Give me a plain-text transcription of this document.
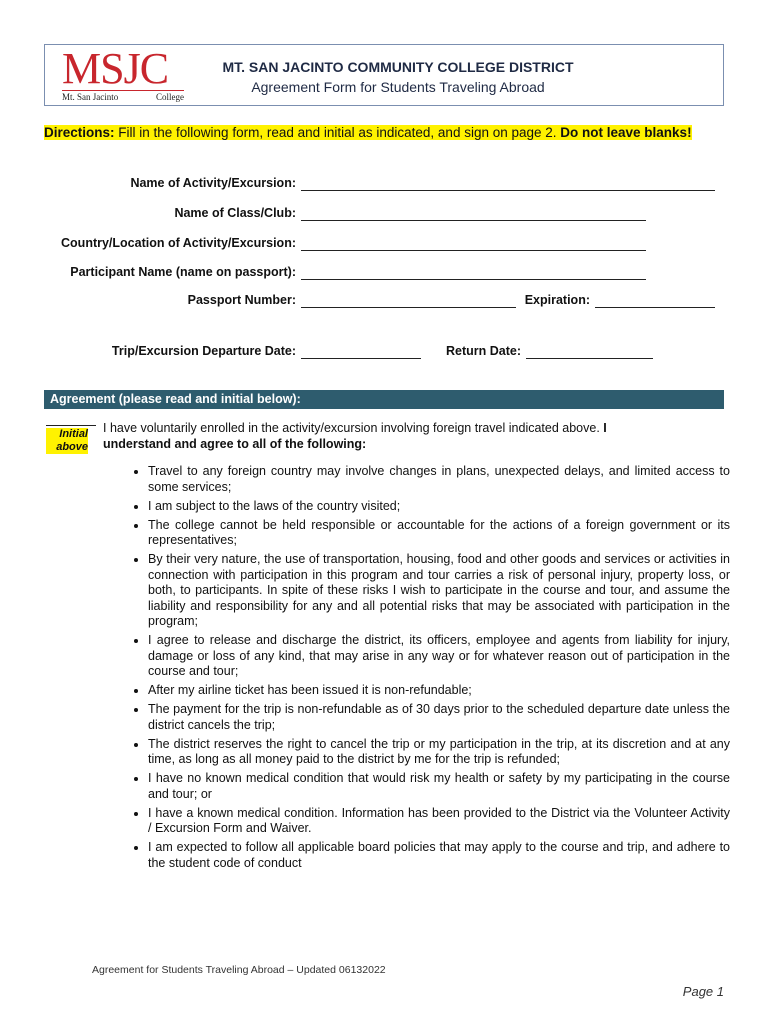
MSJC
Mt. San Jacinto	College
MT. SAN JACINTO COMMUNITY COLLEGE DISTRICT
Agreement Form for Students Traveling Abroad
Directions: Fill in the following form, read and initial as indicated, and sign on page 2. Do not leave blanks!
Name of Activity/Excursion:
Name of Class/Club:
Country/Location of Activity/Excursion:
Participant Name (name on passport):
Passport Number:	Expiration:
Trip/Excursion Departure Date:	Return Date:
Agreement (please read and initial below):
Initial above
I have voluntarily enrolled in the activity/excursion involving foreign travel indicated above. I understand and agree to all of the following:
• Travel to any foreign country may involve changes in plans, unexpected delays, and limited access to some services;
• I am subject to the laws of the country visited;
• The college cannot be held responsible or accountable for the actions of a foreign government or its representatives;
• By their very nature, the use of transportation, housing, food and other goods and services or activities in connection with participation in this program and tour carries a risk of personal injury, property loss, or both, to participants. In spite of these risks I wish to participate in the course and tour, and assume the liability and responsibility for any and all potential risks that may be associated with participation in the program;
• I agree to release and discharge the district, its officers, employee and agents from liability for injury, damage or loss of any kind, that may arise in any way or for whatever reason out of participation in the course and tour;
• After my airline ticket has been issued it is non-refundable;
• The payment for the trip is non-refundable as of 30 days prior to the scheduled departure date unless the district cancels the trip;
• The district reserves the right to cancel the trip or my participation in the trip, at its discretion and at any time, as long as all money paid to the district by me for the trip is refunded;
• I have no known medical condition that would risk my health or safety by my participating in the course and tour; or
• I have a known medical condition. Information has been provided to the District via the Volunteer Activity / Excursion Form and Waiver.
• I am expected to follow all applicable board policies that may apply to the course and trip, and adhere to the student code of conduct
Agreement for Students Traveling Abroad – Updated 06132022
Page 1
